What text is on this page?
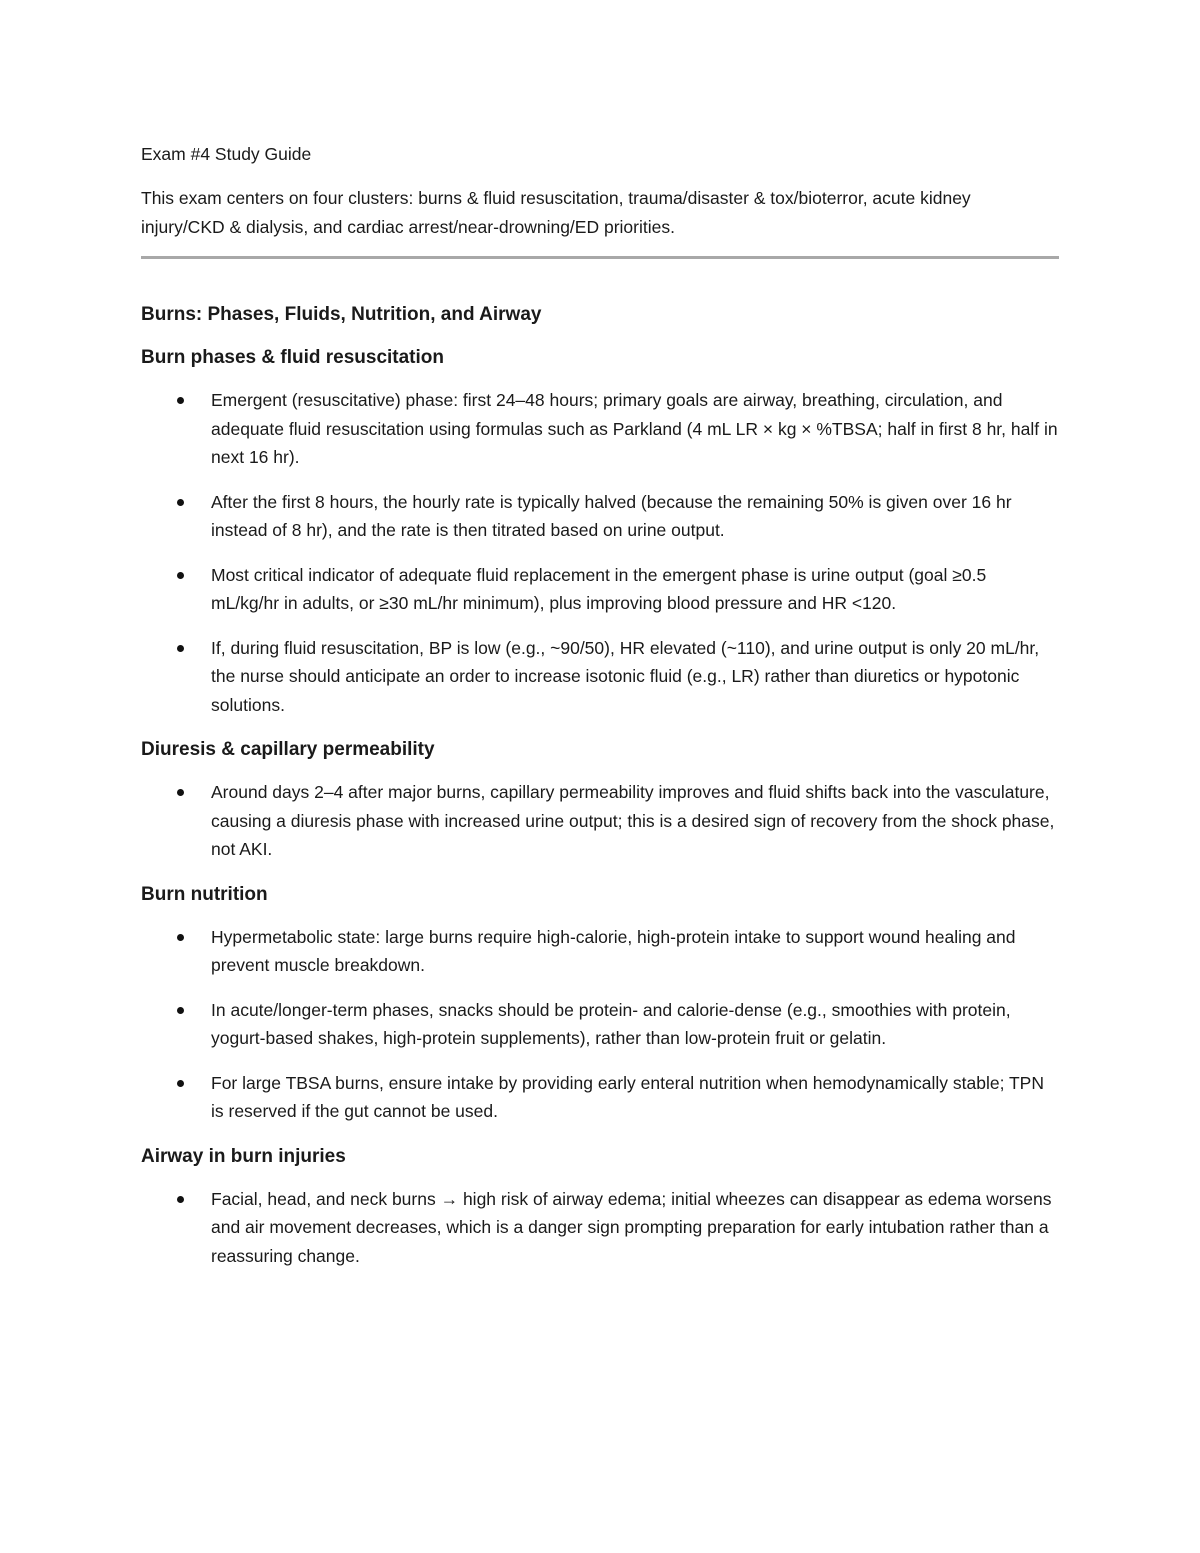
Exam #4 Study Guide

This exam centers on four clusters: burns & fluid resuscitation, trauma/disaster & tox/bioterror, acute kidney injury/CKD & dialysis, and cardiac arrest/near-drowning/ED priorities.

Burns: Phases, Fluids, Nutrition, and Airway
Burn phases & fluid resuscitation
Emergent (resuscitative) phase: first 24–48 hours; primary goals are airway, breathing, circulation, and adequate fluid resuscitation using formulas such as Parkland (4 mL LR × kg × %TBSA; half in first 8 hr, half in next 16 hr).
After the first 8 hours, the hourly rate is typically halved (because the remaining 50% is given over 16 hr instead of 8 hr), and the rate is then titrated based on urine output.
Most critical indicator of adequate fluid replacement in the emergent phase is urine output (goal ≥0.5 mL/kg/hr in adults, or ≥30 mL/hr minimum), plus improving blood pressure and HR <120.
If, during fluid resuscitation, BP is low (e.g., ~90/50), HR elevated (~110), and urine output is only 20 mL/hr, the nurse should anticipate an order to increase isotonic fluid (e.g., LR) rather than diuretics or hypotonic solutions.
Diuresis & capillary permeability
Around days 2–4 after major burns, capillary permeability improves and fluid shifts back into the vasculature, causing a diuresis phase with increased urine output; this is a desired sign of recovery from the shock phase, not AKI.
Burn nutrition
Hypermetabolic state: large burns require high-calorie, high-protein intake to support wound healing and prevent muscle breakdown.
In acute/longer-term phases, snacks should be protein- and calorie-dense (e.g., smoothies with protein, yogurt-based shakes, high-protein supplements), rather than low-protein fruit or gelatin.
For large TBSA burns, ensure intake by providing early enteral nutrition when hemodynamically stable; TPN is reserved if the gut cannot be used.
Airway in burn injuries
Facial, head, and neck burns → high risk of airway edema; initial wheezes can disappear as edema worsens and air movement decreases, which is a danger sign prompting preparation for early intubation rather than a reassuring change.
